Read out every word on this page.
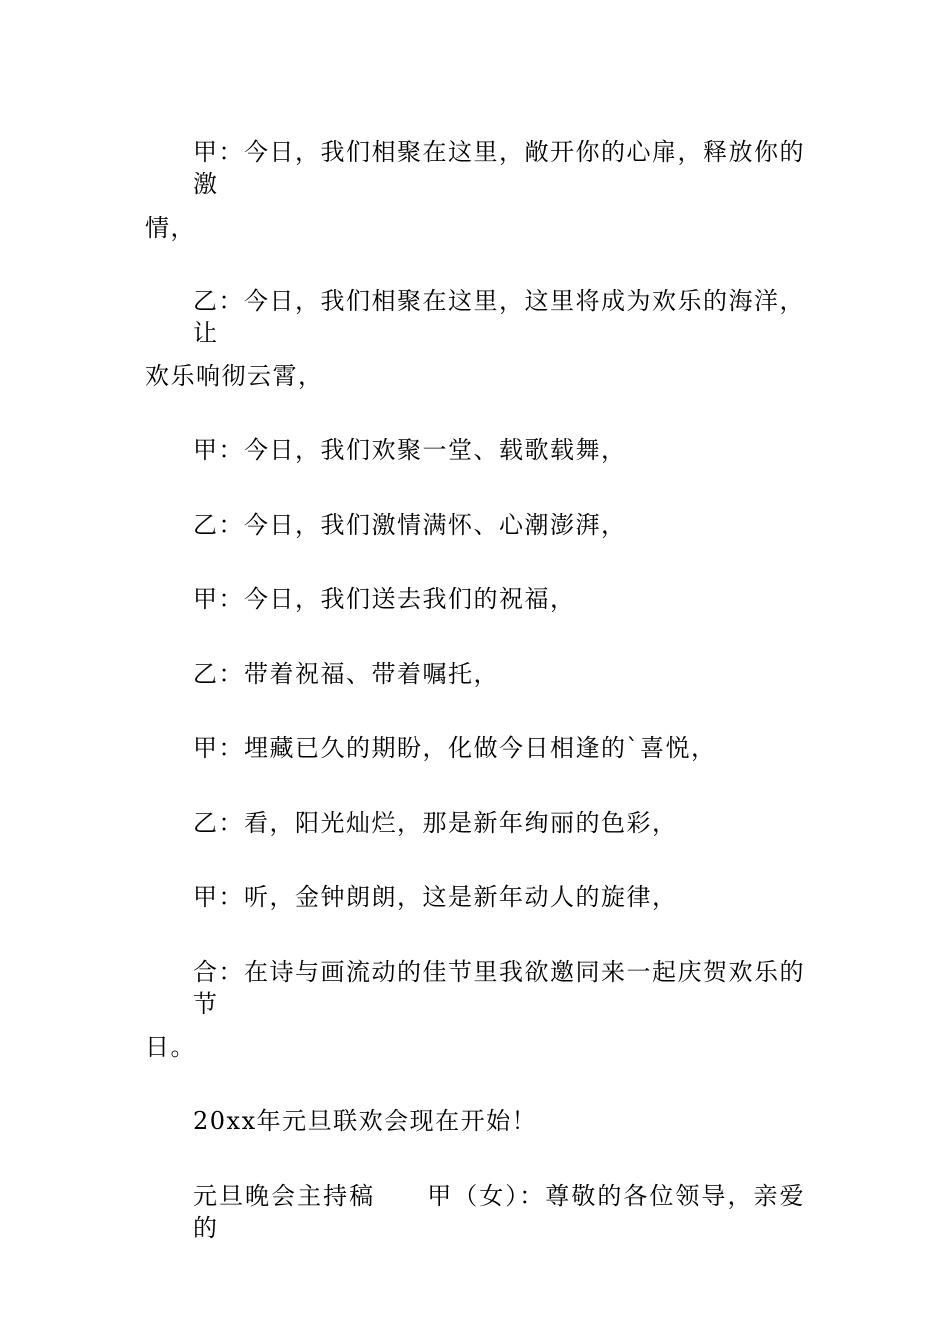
甲：今日，我们相聚在这里，敞开你的心扉，释放你的激
情，
乙：今日，我们相聚在这里，这里将成为欢乐的海洋，让
欢乐响彻云霄，
甲：今日，我们欢聚一堂、载歌载舞，
乙：今日，我们激情满怀、心潮澎湃，
甲：今日，我们送去我们的祝福，
乙：带着祝福、带着嘱托，
甲：埋藏已久的期盼，化做今日相逢的`喜悦，
乙：看，阳光灿烂，那是新年绚丽的色彩，
甲：听，金钟朗朗，这是新年动人的旋律，
合：在诗与画流动的佳节里我欲邀同来一起庆贺欢乐的节
日。
20xx年元旦联欢会现在开始！
元旦晚会主持稿　　甲（女）：尊敬的各位领导，亲爱的
